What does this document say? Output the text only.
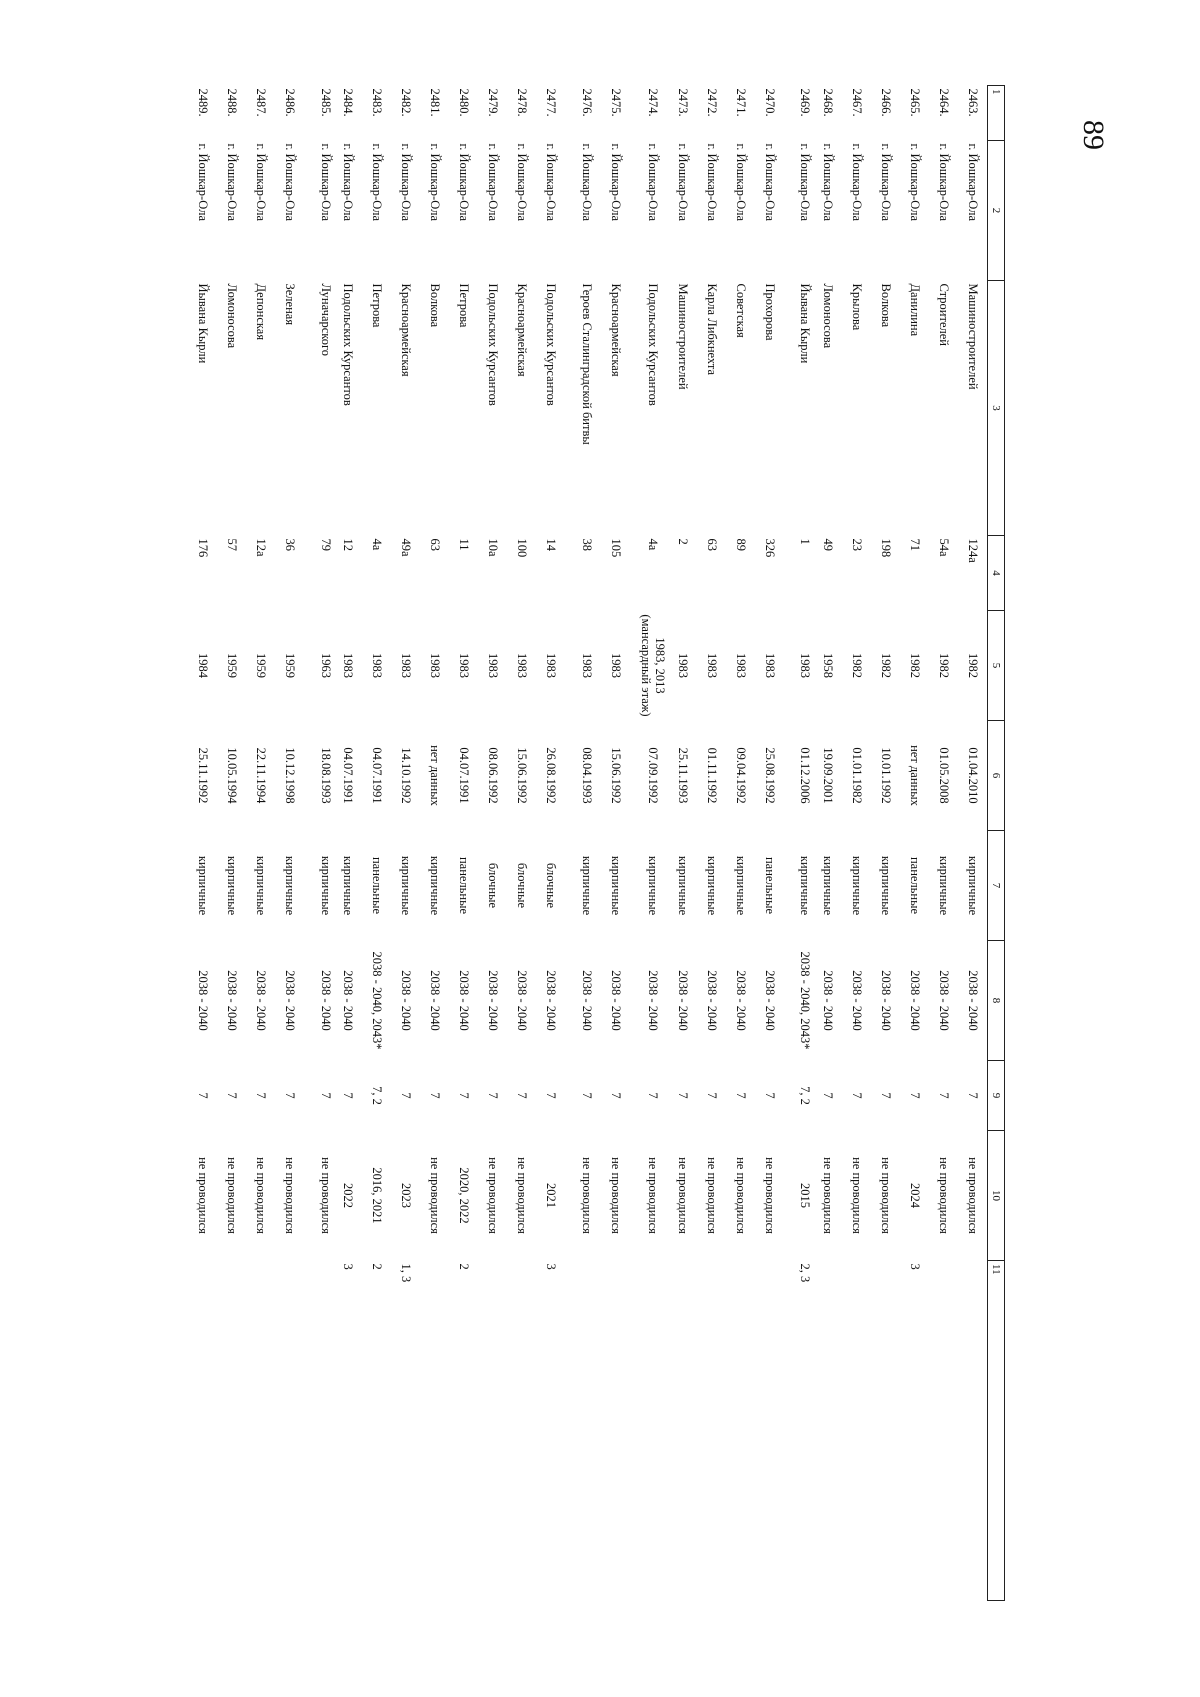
89
1	2	3	4	5	6	7	8	9	10	11
2463.	г. Йошкар-Ола	Машиностроителей	124а	1982	01.04.2010	кирпичные	2038 - 2040	7	не проводился	
2464.	г. Йошкар-Ола	Строителей	54а	1982	01.05.2008	кирпичные	2038 - 2040	7	не проводился	
2465.	г. Йошкар-Ола	Данилина	71	1982	нет данных	панельные	2038 - 2040	7	2024	3
2466.	г. Йошкар-Ола	Волкова	198	1982	10.01.1992	кирпичные	2038 - 2040	7	не проводился	
2467.	г. Йошкар-Ола	Крылова	23	1982	01.01.1982	кирпичные	2038 - 2040	7	не проводился	
2468.	г. Йошкар-Ола	Ломоносова	49	1958	19.09.2001	кирпичные	2038 - 2040	7	не проводился	
2469.	г. Йошкар-Ола	Йывана Кырли	1	1983	01.12.2006	кирпичные	2038 - 2040, 2043*	7, 2	2015	2, 3
2470.	г. Йошкар-Ола	Прохорова	326	1983	25.08.1992	панельные	2038 - 2040	7	не проводился	
2471.	г. Йошкар-Ола	Советская	89	1983	09.04.1992	кирпичные	2038 - 2040	7	не проводился	
2472.	г. Йошкар-Ола	Карла Либкнехта	63	1983	01.11.1992	кирпичные	2038 - 2040	7	не проводился	
2473.	г. Йошкар-Ола	Машиностроителей	2	1983	25.11.1993	кирпичные	2038 - 2040	7	не проводился	
2474.	г. Йошкар-Ола	Подольских Курсантов	4а	1983, 2013 (мансардный этаж)	07.09.1992	кирпичные	2038 - 2040	7	не проводился	
2475.	г. Йошкар-Ола	Красноармейская	105	1983	15.06.1992	кирпичные	2038 - 2040	7	не проводился	
2476.	г. Йошкар-Ола	Героев Сталинградской битвы	38	1983	08.04.1993	кирпичные	2038 - 2040	7	не проводился	
2477.	г. Йошкар-Ола	Подольских Курсантов	14	1983	26.08.1992	блочные	2038 - 2040	7	2021	3
2478.	г. Йошкар-Ола	Красноармейская	100	1983	15.06.1992	блочные	2038 - 2040	7	не проводился	
2479.	г. Йошкар-Ола	Подольских Курсантов	10а	1983	08.06.1992	блочные	2038 - 2040	7	не проводился	
2480.	г. Йошкар-Ола	Петрова	11	1983	04.07.1991	панельные	2038 - 2040	7	2020, 2022	2
2481.	г. Йошкар-Ола	Волкова	63	1983	нет данных	кирпичные	2038 - 2040	7	не проводился	
2482.	г. Йошкар-Ола	Красноармейская	49а	1983	14.10.1992	кирпичные	2038 - 2040	7	2023	1, 3
2483.	г. Йошкар-Ола	Петрова	4а	1983	04.07.1991	панельные	2038 - 2040, 2043*	7, 2	2016, 2021	2
2484.	г. Йошкар-Ола	Подольских Курсантов	12	1983	04.07.1991	кирпичные	2038 - 2040	7	2022	3
2485.	г. Йошкар-Ола	Луначарского	79	1963	18.08.1993	кирпичные	2038 - 2040	7	не проводился	
2486.	г. Йошкар-Ола	Зеленая	36	1959	10.12.1998	кирпичные	2038 - 2040	7	не проводился	
2487.	г. Йошкар-Ола	Депонская	12а	1959	22.11.1994	кирпичные	2038 - 2040	7	не проводился	
2488.	г. Йошкар-Ола	Ломоносова	57	1959	10.05.1994	кирпичные	2038 - 2040	7	не проводился	
2489.	г. Йошкар-Ола	Йывана Кырли	176	1984	25.11.1992	кирпичные	2038 - 2040	7	не проводился	
